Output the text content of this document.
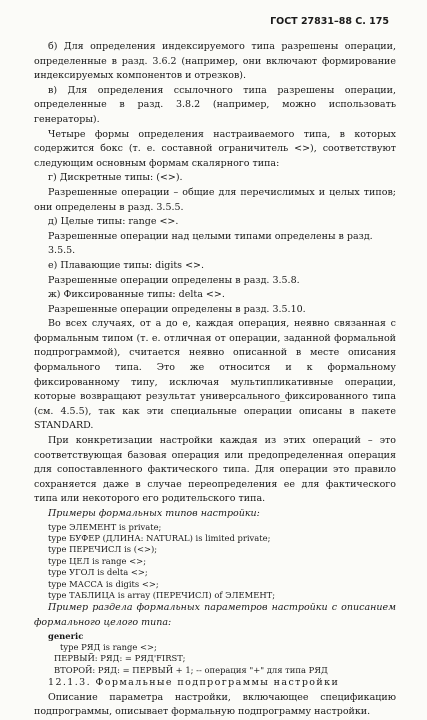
ГОСТ 27831–88 С. 175

б) Для определения индексируемого типа разрешены операции, определенные в разд. 3.6.2 (например, они включают формирование индексируемых компонентов и отрезков).

в) Для определения ссылочного типа разрешены операции, определенные в разд. 3.8.2 (например, можно использовать генераторы).

Четыре формы определения настраиваемого типа, в которых содержится бокс (т. е. составной ограничитель <>), соответствуют следующим основным формам скалярного типа:

г) Дискретные типы: (<>).

Разрешенные операции – общие для перечислимых и целых типов; они определены в разд. 3.5.5.

д) Целые типы: range <>.

Разрешенные операции над целыми типами определены в разд. 3.5.5.

е) Плавающие типы: digits <>.

Разрешенные операции определены в разд. 3.5.8.

ж) Фиксированные типы: delta <>.

Разрешенные операции определены в разд. 3.5.10.

Во всех случаях, от а до е, каждая операция, неявно связанная с формальным типом (т. е. отличная от операции, заданной формальной подпрограммой), считается неявно описанной в месте описания формального типа. Это же относится и к формальному фиксированному типу, исключая мультипликативные операции, которые возвращают результат универсального_фиксированного типа (см. 4.5.5), так как эти специальные операции описаны в пакете STANDARD.

При конкретизации настройки каждая из этих операций – это соответствующая базовая операция или предопределенная операция для сопоставленного фактического типа. Для операции это правило сохраняется даже в случае переопределения ее для фактического типа или некоторого его родительского типа.

Примеры формальных типов настройки:

type ЭЛЕМЕНТ is private;

type БУФЕР (ДЛИНА: NATURAL) is limited private;

type ПЕРЕЧИСЛ is (<>);

type ЦЕЛ is range <>;

type УГОЛ is delta <>;

type МАССА is digits <>;

type ТАБЛИЦА is array (ПЕРЕЧИСЛ) of ЭЛЕМЕНТ;

Пример раздела формальных параметров настройки с описанием формального целого типа:

generic

type РЯД is range <>;

ПЕРВЫЙ: РЯД: = РЯД'FIRST;

ВТОРОЙ: РЯД: = ПЕРВЫЙ + 1; -- операция "+" для типа РЯД

12.1.3. Формальные подпрограммы настройки

Описание параметра настройки, включающее спецификацию подпрограммы, описывает формальную подпрограмму настройки.
